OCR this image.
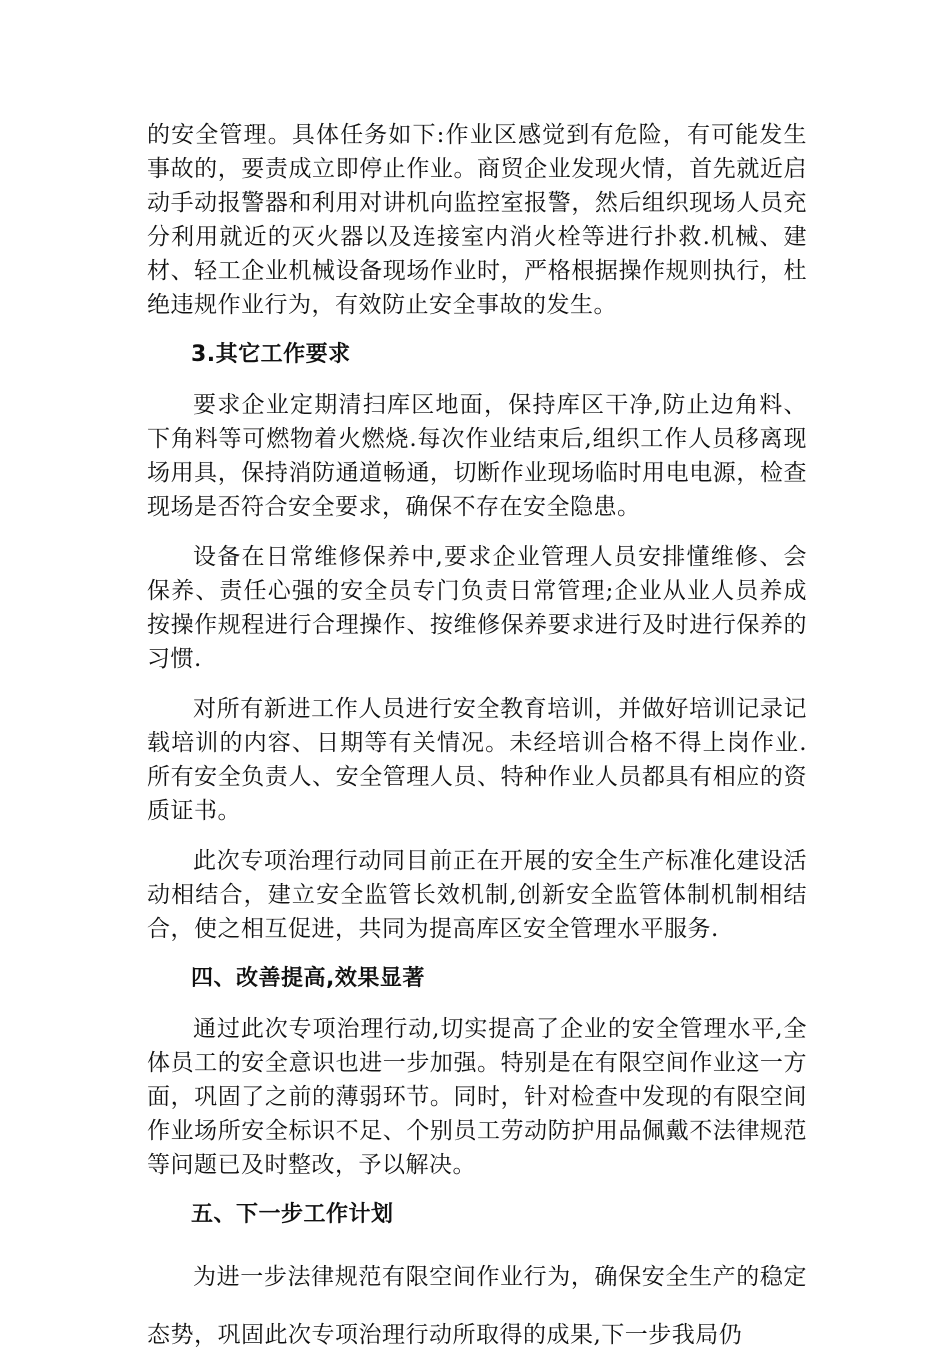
的安全管理。具体任务如下:作业区感觉到有危险，有可能发生事故的，要责成立即停止作业。商贸企业发现火情，首先就近启动手动报警器和利用对讲机向监控室报警，然后组织现场人员充分利用就近的灭火器以及连接室内消火栓等进行扑救.机械、建材、轻工企业机械设备现场作业时，严格根据操作规则执行，杜绝违规作业行为，有效防止安全事故的发生。

3.其它工作要求

要求企业定期清扫库区地面，保持库区干净,防止边角料、下角料等可燃物着火燃烧.每次作业结束后,组织工作人员移离现场用具，保持消防通道畅通，切断作业现场临时用电电源，检查现场是否符合安全要求，确保不存在安全隐患。

设备在日常维修保养中,要求企业管理人员安排懂维修、会保养、责任心强的安全员专门负责日常管理;企业从业人员养成按操作规程进行合理操作、按维修保养要求进行及时进行保养的习惯.

对所有新进工作人员进行安全教育培训，并做好培训记录记载培训的内容、日期等有关情况。未经培训合格不得上岗作业.所有安全负责人、安全管理人员、特种作业人员都具有相应的资质证书。

此次专项治理行动同目前正在开展的安全生产标准化建设活动相结合，建立安全监管长效机制,创新安全监管体制机制相结合，使之相互促进，共同为提高库区安全管理水平服务.

四、改善提高,效果显著

通过此次专项治理行动,切实提高了企业的安全管理水平,全体员工的安全意识也进一步加强。特别是在有限空间作业这一方面，巩固了之前的薄弱环节。同时，针对检查中发现的有限空间作业场所安全标识不足、个别员工劳动防护用品佩戴不法律规范等问题已及时整改，予以解决。

五、下一步工作计划

为进一步法律规范有限空间作业行为，确保安全生产的稳定态势，巩固此次专项治理行动所取得的成果,下一步我局仍
